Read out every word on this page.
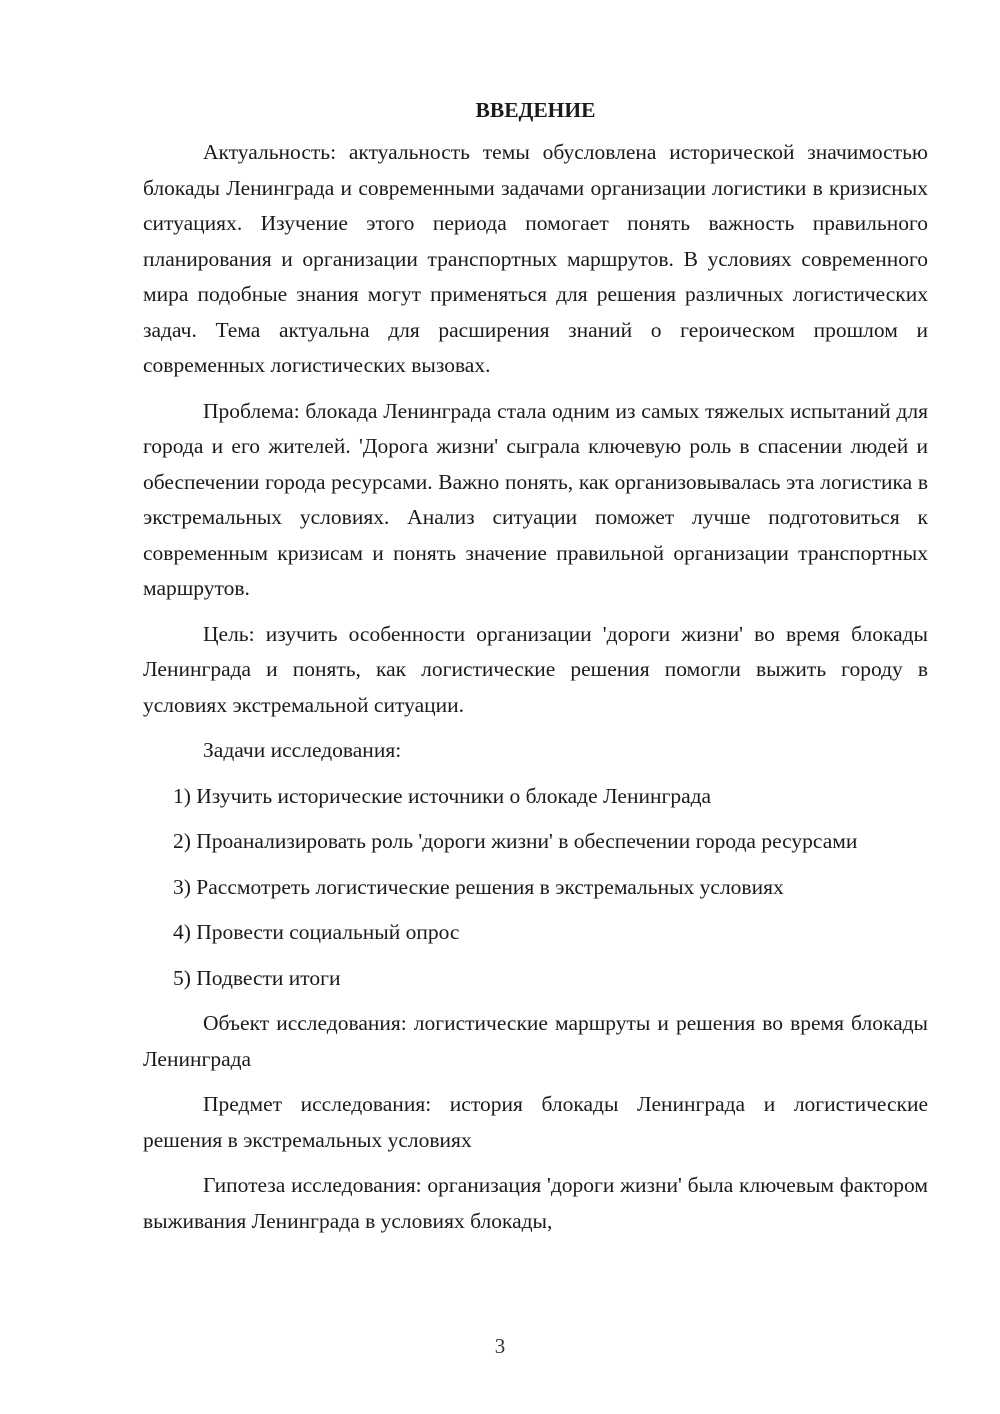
ВВЕДЕНИЕ

Актуальность: актуальность темы обусловлена исторической значимостью блокады Ленинграда и современными задачами организации логистики в кризисных ситуациях. Изучение этого периода помогает понять важность правильного планирования и организации транспортных маршрутов. В условиях современного мира подобные знания могут применяться для решения различных логистических задач. Тема актуальна для расширения знаний о героическом прошлом и современных логистических вызовах.

Проблема: блокада Ленинграда стала одним из самых тяжелых испытаний для города и его жителей. 'Дорога жизни' сыграла ключевую роль в спасении людей и обеспечении города ресурсами. Важно понять, как организовывалась эта логистика в экстремальных условиях. Анализ ситуации поможет лучше подготовиться к современным кризисам и понять значение правильной организации транспортных маршрутов.

Цель: изучить особенности организации 'дороги жизни' во время блокады Ленинграда и понять, как логистические решения помогли выжить городу в условиях экстремальной ситуации.

Задачи исследования:

1) Изучить исторические источники о блокаде Ленинграда
2) Проанализировать роль 'дороги жизни' в обеспечении города ресурсами
3) Рассмотреть логистические решения в экстремальных условиях
4) Провести социальный опрос
5) Подвести итоги

Объект исследования: логистические маршруты и решения во время блокады Ленинграда

Предмет исследования: история блокады Ленинграда и логистические решения в экстремальных условиях

Гипотеза исследования: организация 'дороги жизни' была ключевым фактором выживания Ленинграда в условиях блокады,

3
